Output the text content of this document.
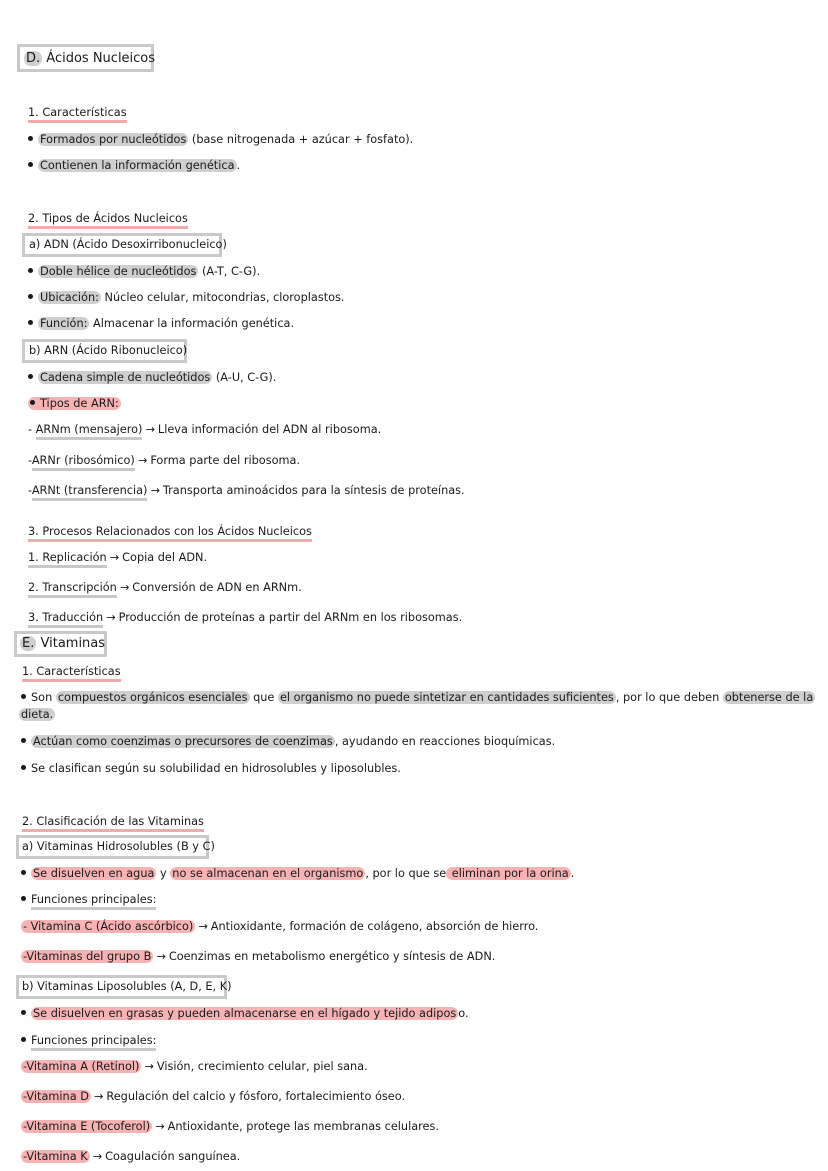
D. Ácidos Nucleicos
1. Características
Formados por nucleótidos (base nitrogenada + azúcar + fosfato).
Contienen la información genética .
2. Tipos de Ácidos Nucleicos
a) ADN (Ácido Desoxirribonucleico)
Doble hélice de nucleótidos (A-T, C-G).
Ubicación: Núcleo celular, mitocondrias, cloroplastos.
Función: Almacenar la información genética.
b) ARN (Ácido Ribonucleico)
Cadena simple de nucleótidos (A-U, C-G).
Tipos de ARN:
- ARNm (mensajero) → Lleva información del ADN al ribosoma.
-ARNr (ribosómico) → Forma parte del ribosoma.
-ARNt (transferencia) → Transporta aminoácidos para la síntesis de proteínas.
3. Procesos Relacionados con los Ácidos Nucleicos
1. Replicación → Copia del ADN.
2. Transcripción → Conversión de ADN en ARNm.
3. Traducción → Producción de proteínas a partir del ARNm en los ribosomas.
E. Vitaminas
1. Características
Son compuestos orgánicos esenciales que el organismo no puede sintetizar en cantidades suficientes , por lo que deben obtenerse de la
dieta.
Actúan como coenzimas o precursores de coenzimas , ayudando en reacciones bioquímicas.
Se clasifican según su solubilidad en hidrosolubles y liposolubles.
2. Clasificación de las Vitaminas
a) Vitaminas Hidrosolubles (B y C)
Se disuelven en agua y no se almacenan en el organismo , por lo que se eliminan por la orina .
Funciones principales:
- Vitamina C (Ácido ascórbico) → Antioxidante, formación de colágeno, absorción de hierro.
-Vitaminas del grupo B → Coenzimas en metabolismo energético y síntesis de ADN.
b) Vitaminas Liposolubles (A, D, E, K)
Se disuelven en grasas y pueden almacenarse en el hígado y tejido adipos o.
Funciones principales:
-Vitamina A (Retinol) → Visión, crecimiento celular, piel sana.
-Vitamina D → Regulación del calcio y fósforo, fortalecimiento óseo.
-Vitamina E (Tocoferol) → Antioxidante, protege las membranas celulares.
-Vitamina K → Coagulación sanguínea.
